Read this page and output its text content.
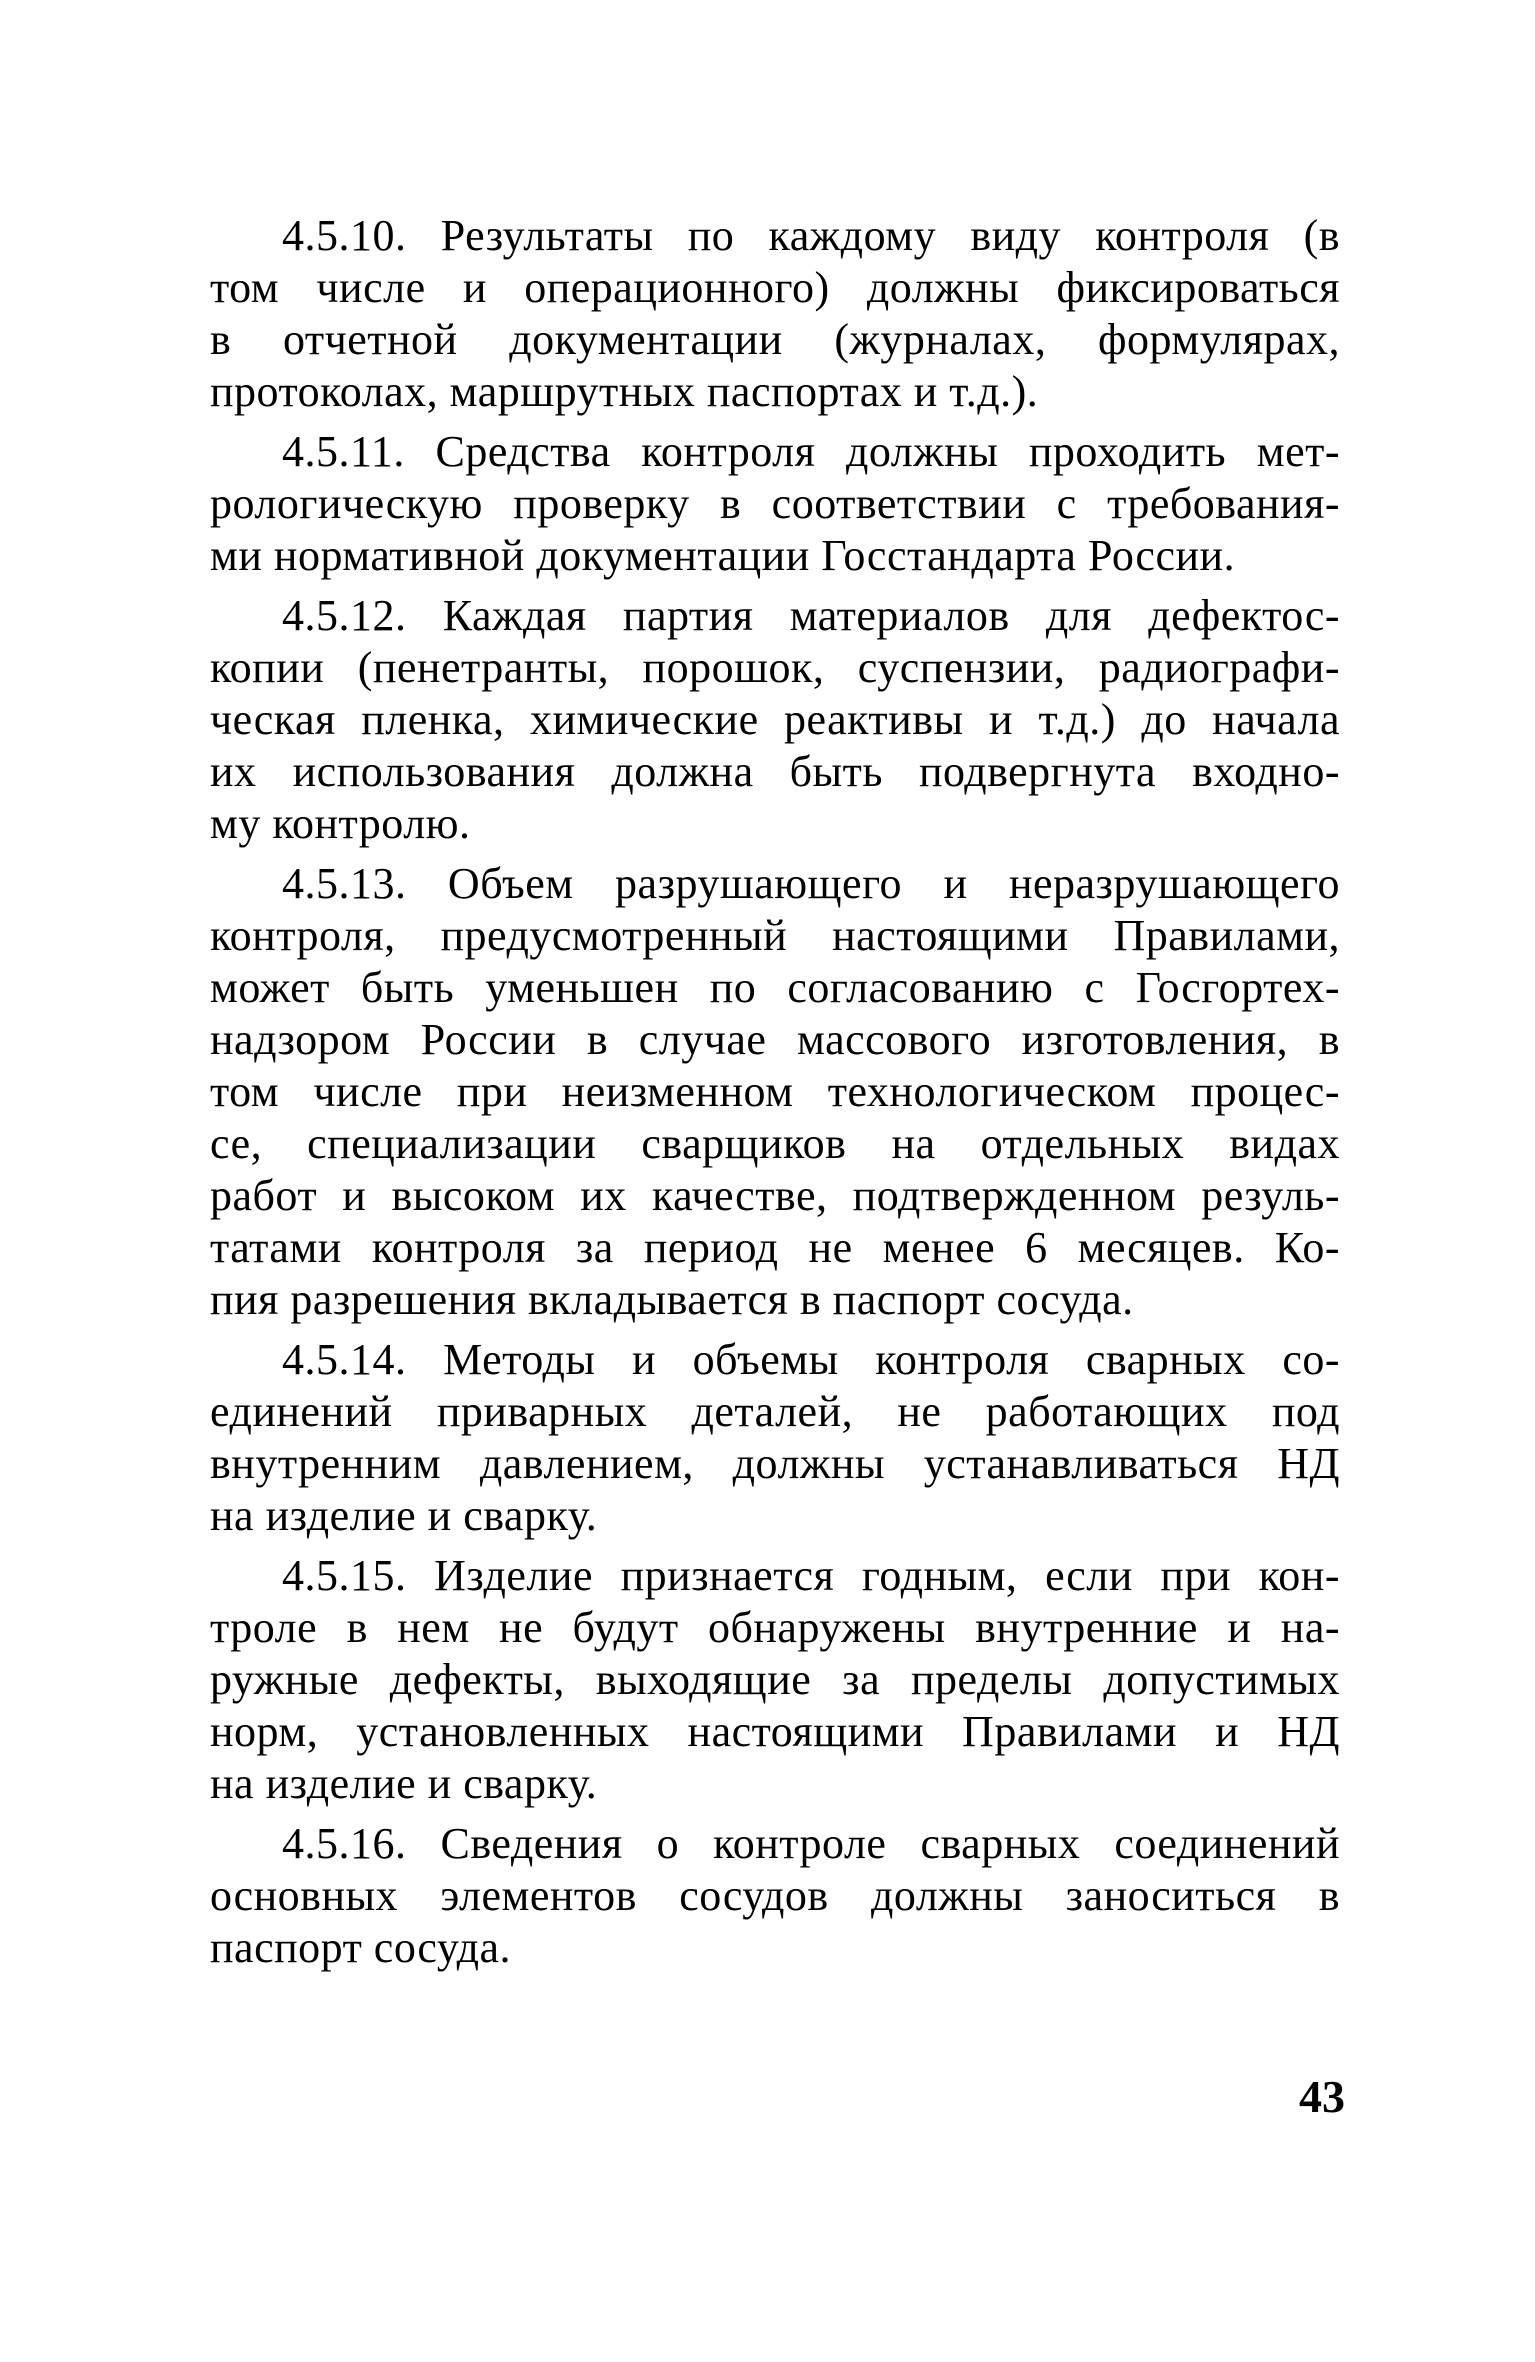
4.5.10. Результаты по каждому виду контроля (в
том числе и операционного) должны фиксироваться
в отчетной документации (журналах, формулярах,
протоколах, маршрутных паспортах и т.д.).
4.5.11. Средства контроля должны проходить мет-
рологическую проверку в соответствии с требования-
ми нормативной документации Госстандарта России.
4.5.12. Каждая партия материалов для дефектос-
копии (пенетранты, порошок, суспензии, радиографи-
ческая пленка, химические реактивы и т.д.) до начала
их использования должна быть подвергнута входно-
му контролю.
4.5.13. Объем разрушающего и неразрушающего
контроля, предусмотренный настоящими Правилами,
может быть уменьшен по согласованию с Госгортех-
надзором России в случае массового изготовления, в
том числе при неизменном технологическом процес-
се, специализации сварщиков на отдельных видах
работ и высоком их качестве, подтвержденном резуль-
татами контроля за период не менее 6 месяцев. Ко-
пия разрешения вкладывается в паспорт сосуда.
4.5.14. Методы и объемы контроля сварных со-
единений приварных деталей, не работающих под
внутренним давлением, должны устанавливаться НД
на изделие и сварку.
4.5.15. Изделие признается годным, если при кон-
троле в нем не будут обнаружены внутренние и на-
ружные дефекты, выходящие за пределы допустимых
норм, установленных настоящими Правилами и НД
на изделие и сварку.
4.5.16. Сведения о контроле сварных соединений
основных элементов сосудов должны заноситься в
паспорт сосуда.
43
